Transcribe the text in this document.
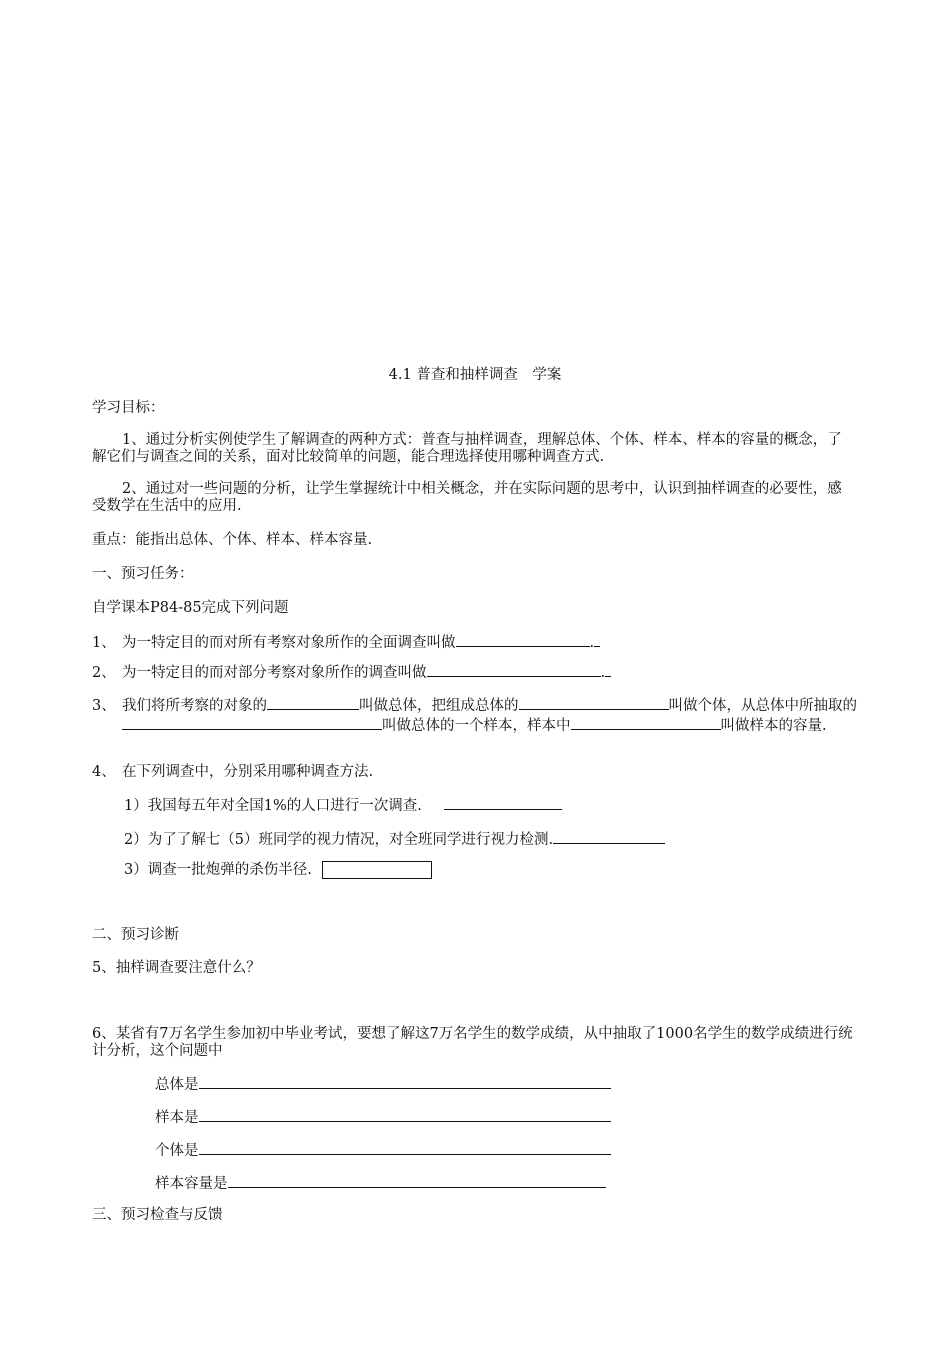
4.1 普查和抽样调查　学案
学习目标：
1、通过分析实例使学生了解调查的两种方式：普查与抽样调查，理解总体、个体、样本、样本的容量的概念，了解它们与调查之间的关系，面对比较简单的问题，能合理选择使用哪种调查方式.
2、通过对一些问题的分析，让学生掌握统计中相关概念，并在实际问题的思考中，认识到抽样调查的必要性，感受数学在生活中的应用.
重点：能指出总体、个体、样本、样本容量.
一、预习任务：
自学课本P84-85完成下列问题
1、 为一特定目的而对所有考察对象所作的全面调查叫做	.
2、 为一特定目的而对部分考察对象所作的调查叫做	.
3、 我们将所考察的对象的	叫做总体，把组成总体的	叫做个体，从总体中所抽取的叫做总体的一个样本，样本中	叫做样本的容量.
4、 在下列调查中，分别采用哪种调查方法.
1）我国每五年对全国1%的人口进行一次调查.
2）为了了解七（5）班同学的视力情况，对全班同学进行视力检测.
3）调查一批炮弹的杀伤半径.
二、预习诊断
5、抽样调查要注意什么？
6、某省有7万名学生参加初中毕业考试，要想了解这7万名学生的数学成绩，从中抽取了1000名学生的数学成绩进行统计分析，这个问题中
总体是
样本是
个体是
样本容量是
三、预习检查与反馈
